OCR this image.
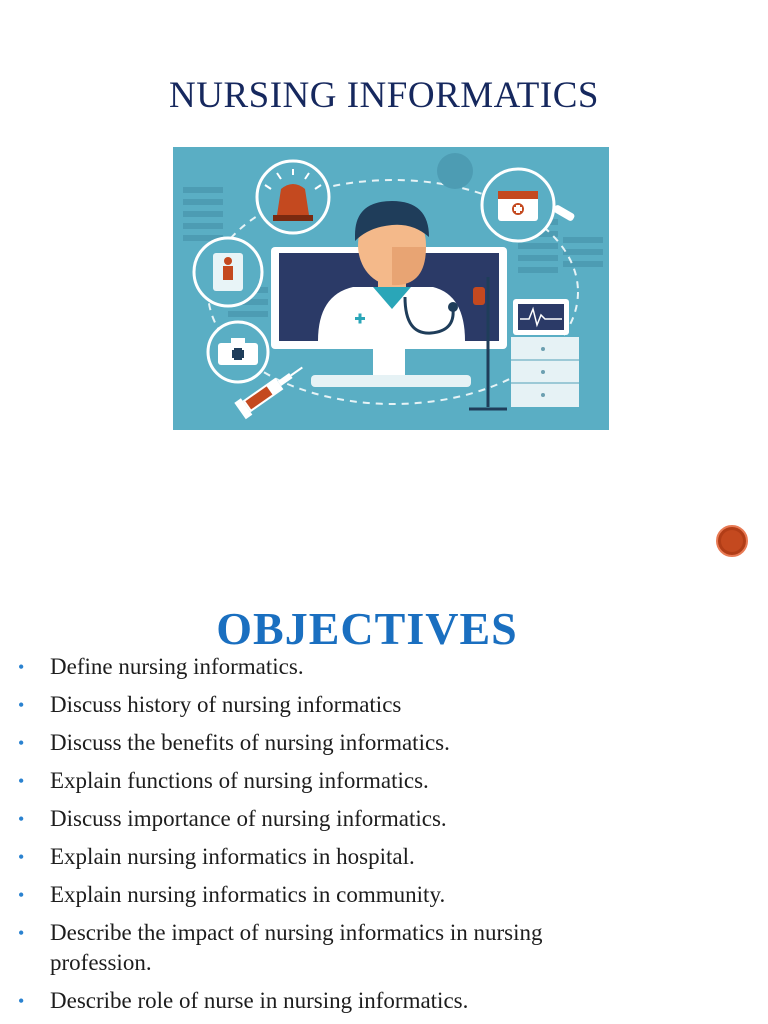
NURSING INFORMATICS
OBJECTIVES
• Define nursing informatics.
• Discuss history of nursing informatics
• Discuss the benefits of nursing informatics.
• Explain functions of nursing informatics.
• Discuss importance of nursing informatics.
• Explain nursing informatics in hospital.
• Explain nursing informatics in community.
• Describe the impact of nursing informatics in nursing profession.
• Describe role of nurse in nursing informatics.
